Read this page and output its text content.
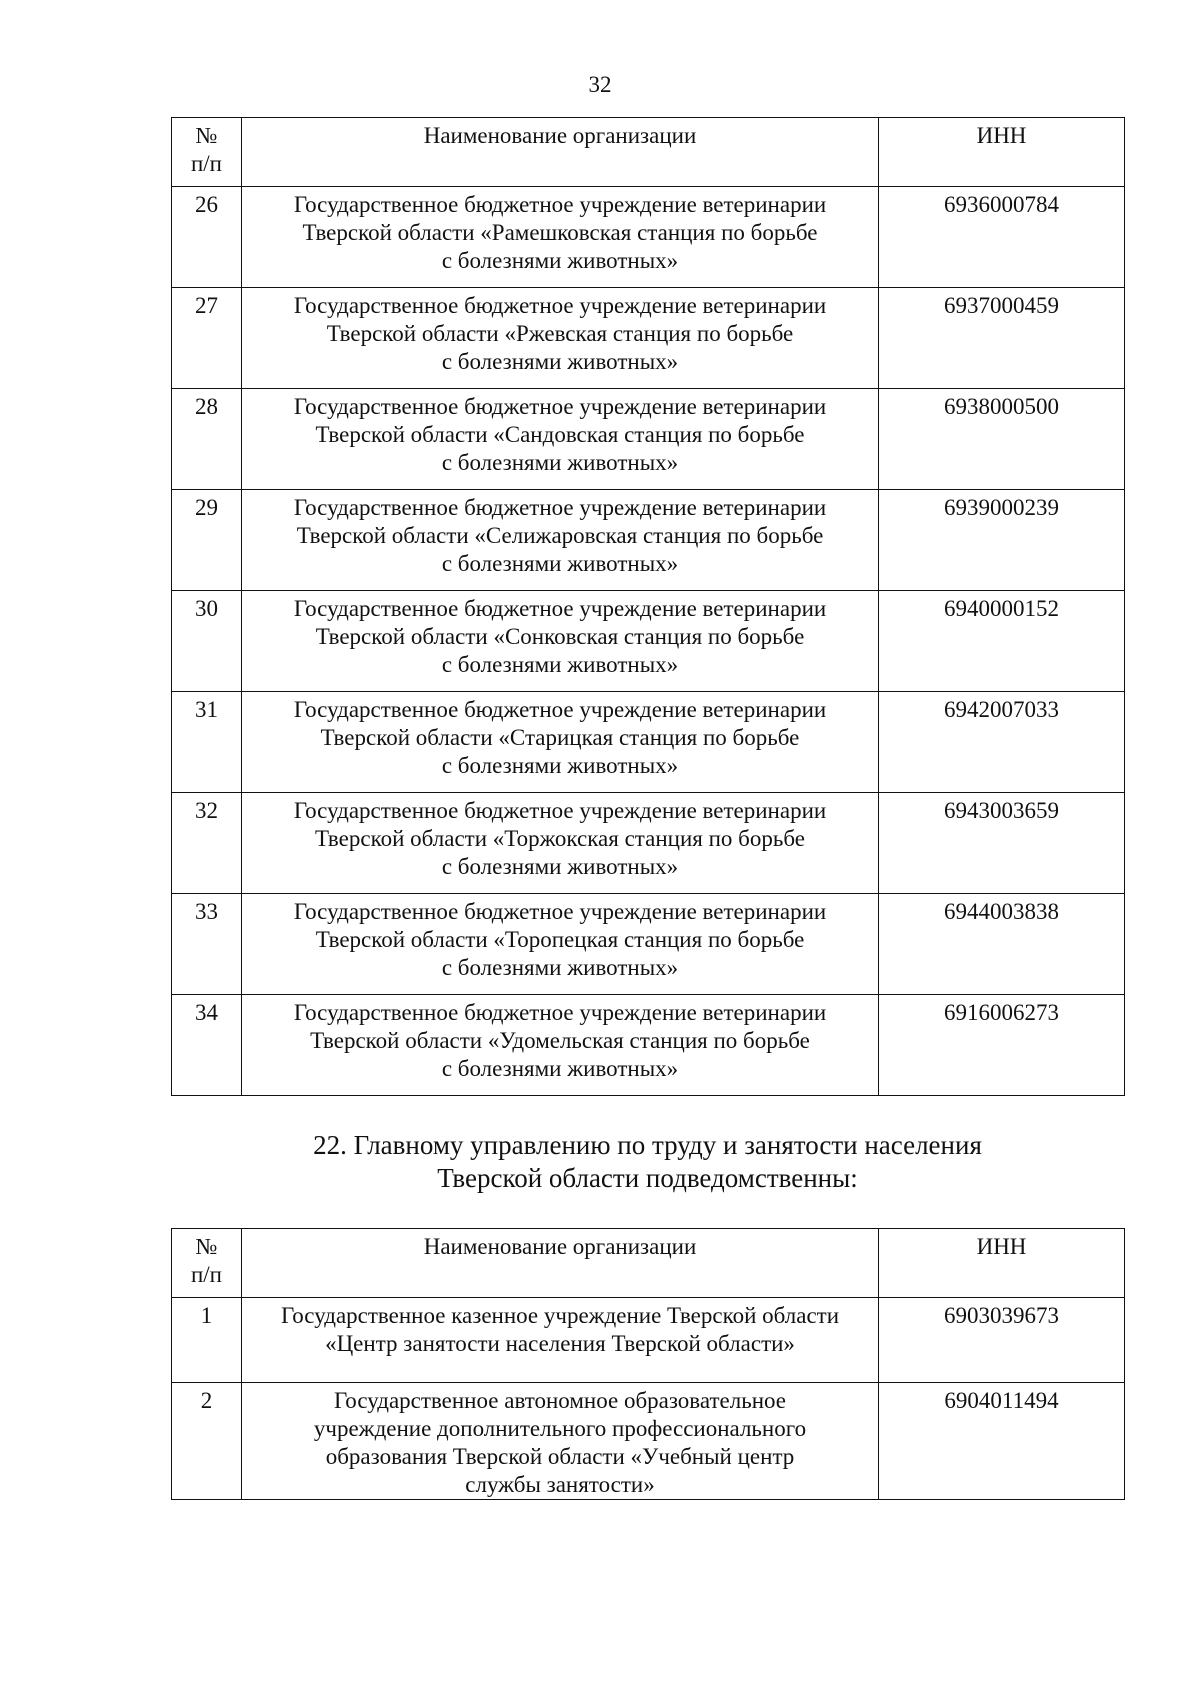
32
№
п/п	Наименование организации	ИНН
26	Государственное бюджетное учреждение ветеринарии
Тверской области «Рамешковская станция по борьбе
с болезнями животных»	6936000784
27	Государственное бюджетное учреждение ветеринарии
Тверской области «Ржевская станция по борьбе
с болезнями животных»	6937000459
28	Государственное бюджетное учреждение ветеринарии
Тверской области «Сандовская станция по борьбе
с болезнями животных»	6938000500
29	Государственное бюджетное учреждение ветеринарии
Тверской области «Селижаровская станция по борьбе
с болезнями животных»	6939000239
30	Государственное бюджетное учреждение ветеринарии
Тверской области «Сонковская станция по борьбе
с болезнями животных»	6940000152
31	Государственное бюджетное учреждение ветеринарии
Тверской области «Старицкая станция по борьбе
с болезнями животных»	6942007033
32	Государственное бюджетное учреждение ветеринарии
Тверской области «Торжокская станция по борьбе
с болезнями животных»	6943003659
33	Государственное бюджетное учреждение ветеринарии
Тверской области «Торопецкая станция по борьбе
с болезнями животных»	6944003838
34	Государственное бюджетное учреждение ветеринарии
Тверской области «Удомельская станция по борьбе
с болезнями животных»	6916006273
22. Главному управлению по труду и занятости населения
Тверской области подведомственны:
№
п/п	Наименование организации	ИНН
1	Государственное казенное учреждение Тверской области
«Центр занятости населения Тверской области»	6903039673
2	Государственное автономное образовательное
учреждение дополнительного профессионального
образования Тверской области «Учебный центр
службы занятости»	6904011494
